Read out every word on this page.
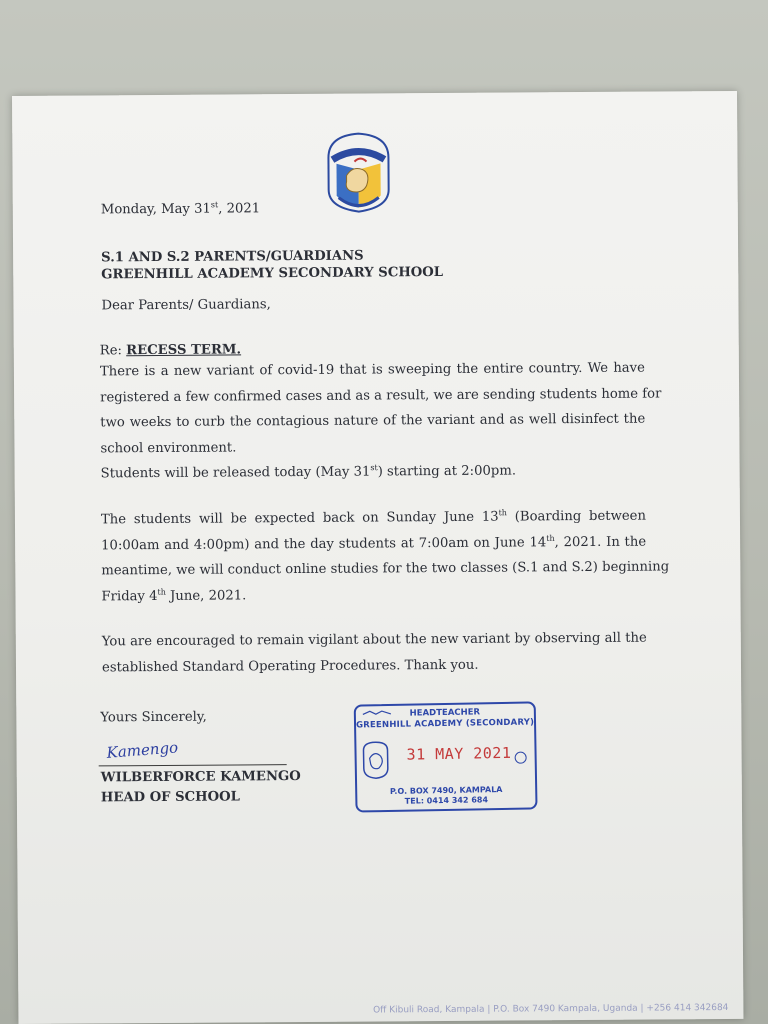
Monday, May 31st, 2021
S.1 AND S.2 PARENTS/GUARDIANS
GREENHILL ACADEMY SECONDARY SCHOOL
Dear Parents/ Guardians,
Re: RECESS TERM.

There is a new variant of covid-19 that is sweeping the entire country. We have

registered a few confirmed cases and as a result, we are sending students home for

two weeks to curb the contagious nature of the variant and as well disinfect the

school environment.

Students will be released today (May 31st) starting at 2:00pm.

The students will be expected back on Sunday June 13th (Boarding between

10:00am and 4:00pm) and the day students at 7:00am on June 14th, 2021. In the

meantime, we will conduct online studies for the two classes (S.1 and S.2) beginning

Friday 4th June, 2021.

You are encouraged to remain vigilant about the new variant by observing all the

established Standard Operating Procedures. Thank you.

Yours Sincerely,
Kamengo
WILBERFORCE KAMENGO
HEAD OF SCHOOL
HEADTEACHER
GREENHILL ACADEMY (SECONDARY)
31 MAY 2021
P.O. BOX 7490, KAMPALA
TEL: 0414 342 684
Off Kibuli Road, Kampala | P.O. Box 7490 Kampala, Uganda | +256 414 342684
